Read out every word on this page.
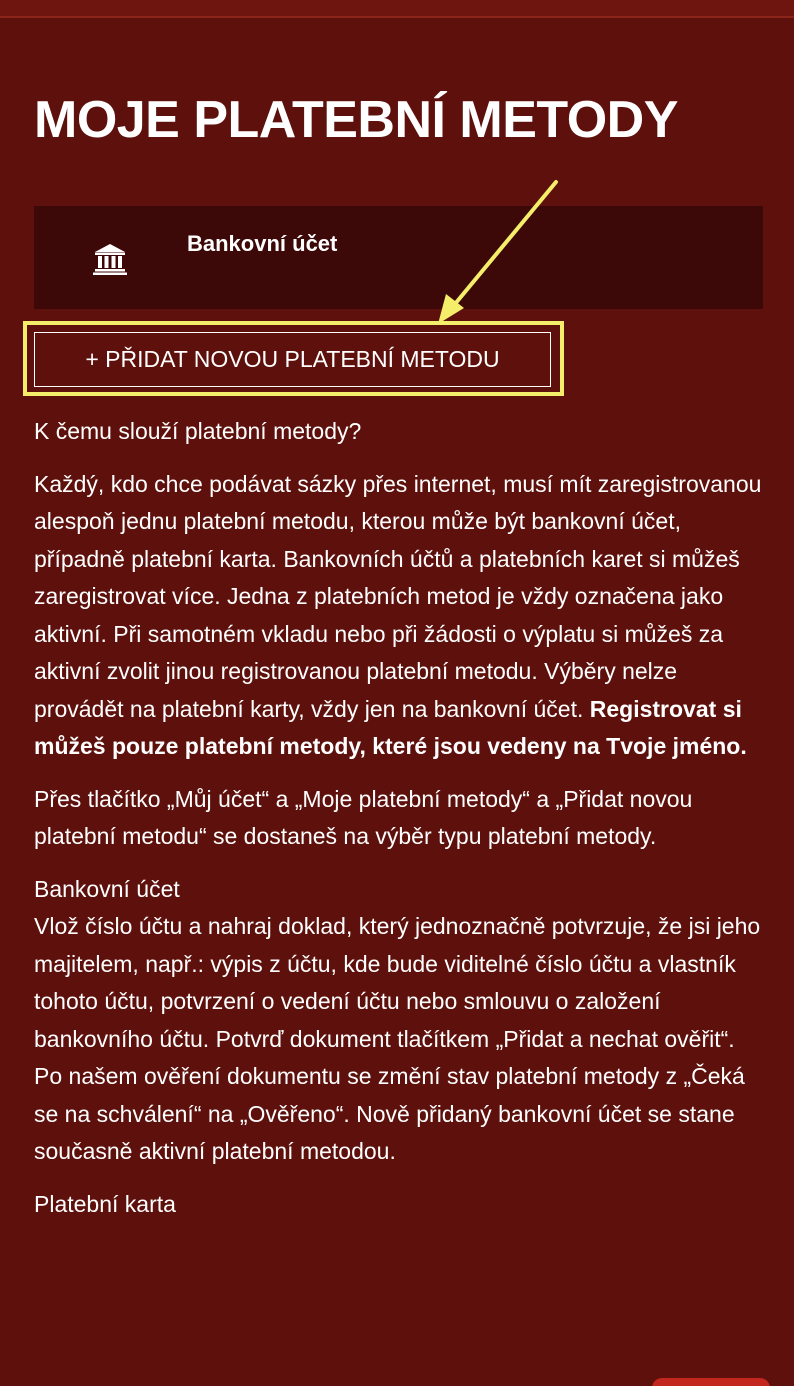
MOJE PLATEBNÍ METODY
Bankovní účet
+ PŘIDAT NOVOU PLATEBNÍ METODU

K čemu slouží platební metody?

Každý, kdo chce podávat sázky přes internet, musí mít zaregistrovanou alespoň jednu platební metodu, kterou může být bankovní účet, případně platební karta. Bankovních účtů a platebních karet si můžeš zaregistrovat více. Jedna z platebních metod je vždy označena jako aktivní. Při samotném vkladu nebo při žádosti o výplatu si můžeš za aktivní zvolit jinou registrovanou platební metodu. Výběry nelze provádět na platební karty, vždy jen na bankovní účet. Registrovat si můžeš pouze platební metody, které jsou vedeny na Tvoje jméno.

Přes tlačítko „Můj účet“ a „Moje platební metody“ a „Přidat novou platební metodu“ se dostaneš na výběr typu platební metody.

Bankovní účet
Vlož číslo účtu a nahraj doklad, který jednoznačně potvrzuje, že jsi jeho majitelem, např.: výpis z účtu, kde bude viditelné číslo účtu a vlastník tohoto účtu, potvrzení o vedení účtu nebo smlouvu o založení bankovního účtu. Potvrď dokument tlačítkem „Přidat a nechat ověřit“. Po našem ověření dokumentu se změní stav platební metody z „Čeká se na schválení“ na „Ověřeno“. Nově přidaný bankovní účet se stane současně aktivní platební metodou.

Platební karta
